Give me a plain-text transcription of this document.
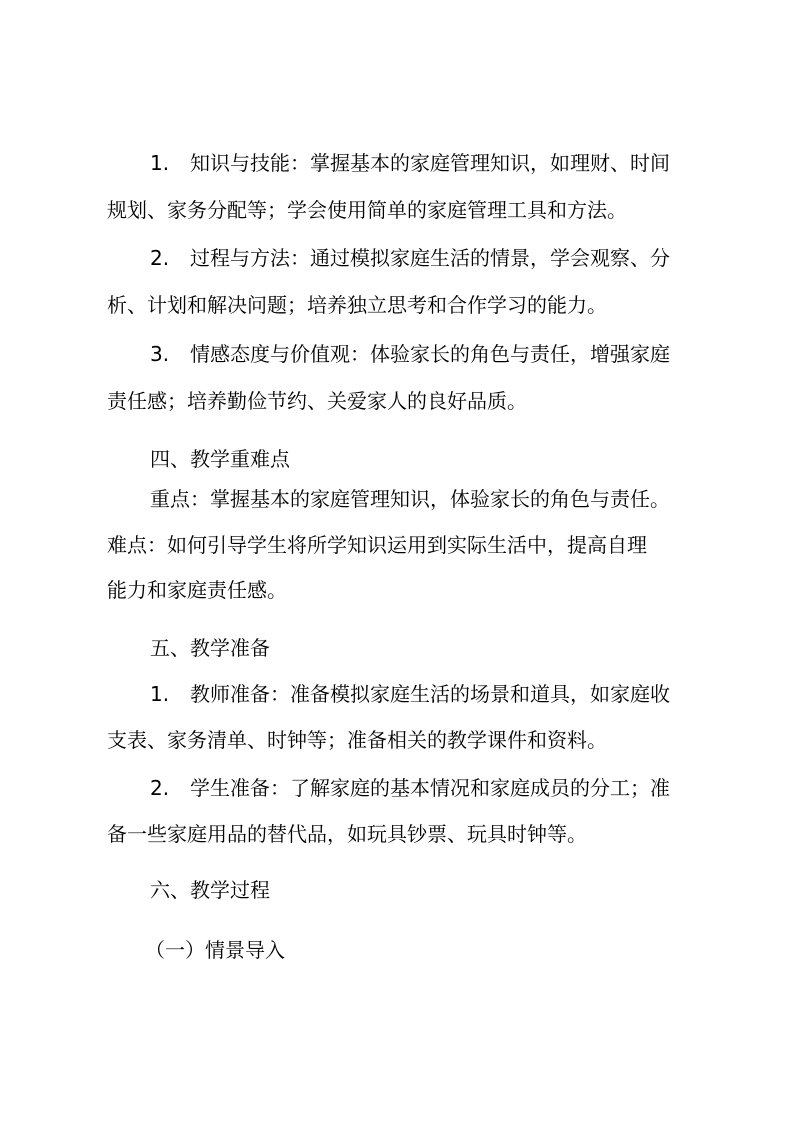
1. 知识与技能：掌握基本的家庭管理知识，如理财、时间
规划、家务分配等；学会使用简单的家庭管理工具和方法。
2. 过程与方法：通过模拟家庭生活的情景，学会观察、分
析、计划和解决问题；培养独立思考和合作学习的能力。
3. 情感态度与价值观：体验家长的角色与责任，增强家庭
责任感；培养勤俭节约、关爱家人的良好品质。
四、教学重难点
重点：掌握基本的家庭管理知识，体验家长的角色与责任。
难点：如何引导学生将所学知识运用到实际生活中，提高自理
能力和家庭责任感。
五、教学准备
1. 教师准备：准备模拟家庭生活的场景和道具，如家庭收
支表、家务清单、时钟等；准备相关的教学课件和资料。
2. 学生准备：了解家庭的基本情况和家庭成员的分工；准
备一些家庭用品的替代品，如玩具钞票、玩具时钟等。
六、教学过程
（一）情景导入
